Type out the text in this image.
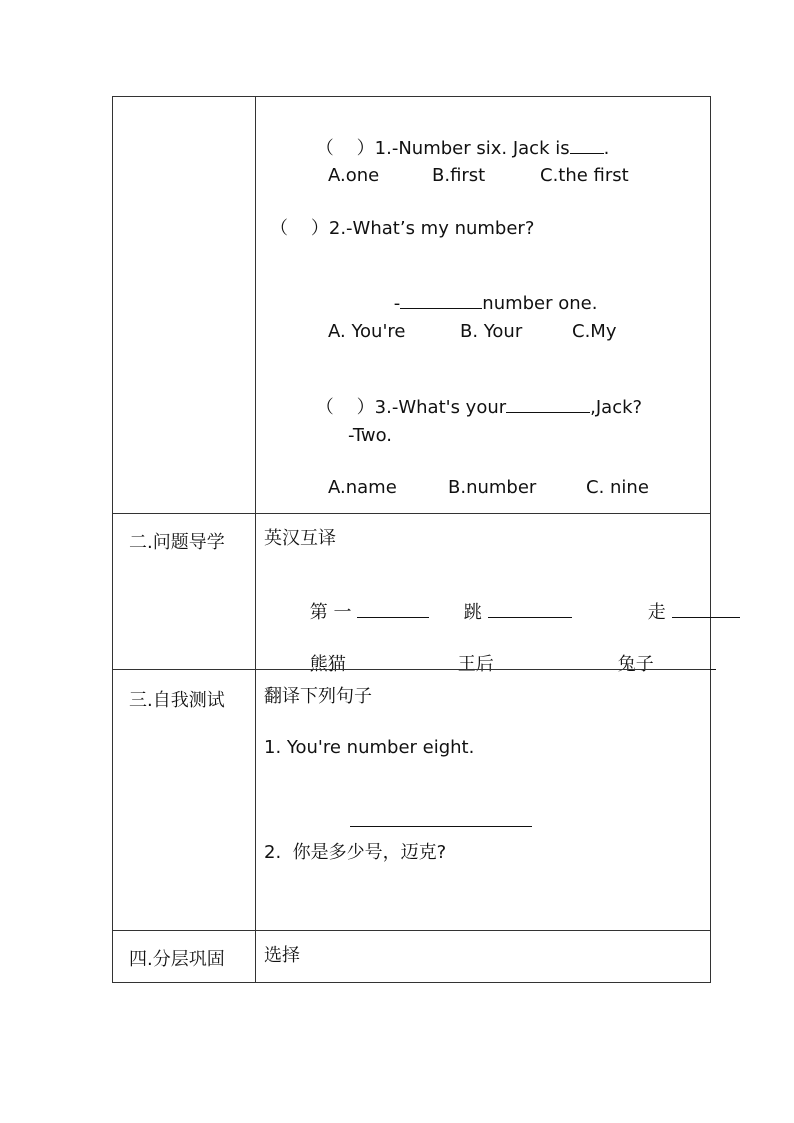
（    ）1.-Number six. Jack is .

A.one	B.first	C.the first
（    ）2.-What’s my number?

-	number one.

A. You're	B. Your	C.My

（    ）3.-What's your	,Jack?

-Two.
A.name	B.number	C. nine
二.问题导学 英汉互译

第 一
	跳
	走

熊猫
	王后
	兔子

三.自我测试 翻译下列句子
1. You're number eight.

2.  你是多少号，迈克?

四.分层巩固 选择
